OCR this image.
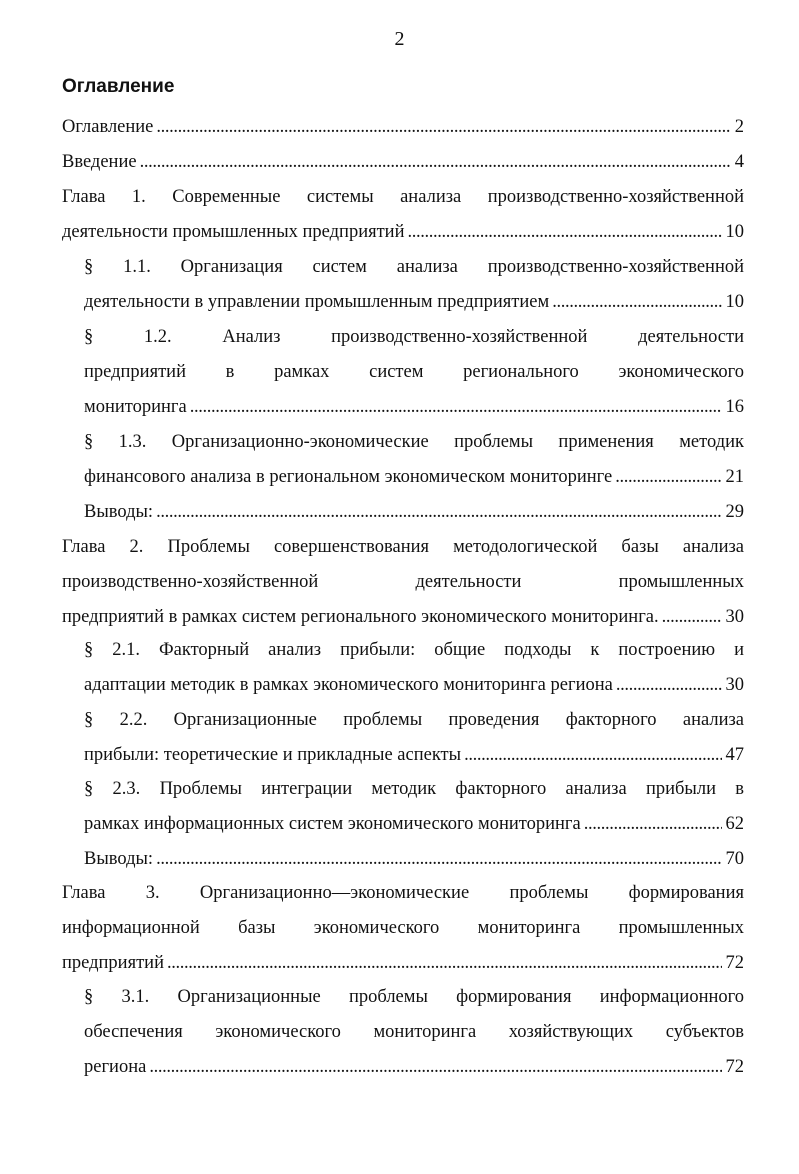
2
Оглавление
Оглавление . . .	2
Введение . . .	4
Глава 1. Современные системы анализа производственно-хозяйственной
деятельности промышленных предприятий . . .	10
§ 1.1. Организация систем анализа производственно-хозяйственной
деятельности в управлении промышленным предприятием . . .	10
§ 1.2. Анализ производственно-хозяйственной деятельности
предприятий в рамках систем регионального экономического
мониторинга . . .	16
§ 1.3. Организационно-экономические проблемы применения методик
финансового анализа в региональном экономическом мониторинге . . .	21
Выводы: . . .	29
Глава 2. Проблемы совершенствования методологической базы анализа
производственно-хозяйственной деятельности промышленных
предприятий в рамках систем регионального экономического мониторинга. . . .	30
§ 2.1. Факторный анализ прибыли: общие подходы к построению и
адаптации методик в рамках экономического мониторинга региона . . .	30
§ 2.2. Организационные проблемы проведения факторного анализа
прибыли: теоретические и прикладные аспекты . . .	47
§ 2.3. Проблемы интеграции методик факторного анализа прибыли в
рамках информационных систем экономического мониторинга . . .	62
Выводы: . . .	70
Глава 3. Организационно—экономические проблемы формирования
информационной базы экономического мониторинга промышленных
предприятий . . .	72
§ 3.1. Организационные проблемы формирования информационного
обеспечения экономического мониторинга хозяйствующих субъектов
региона . . .	72
